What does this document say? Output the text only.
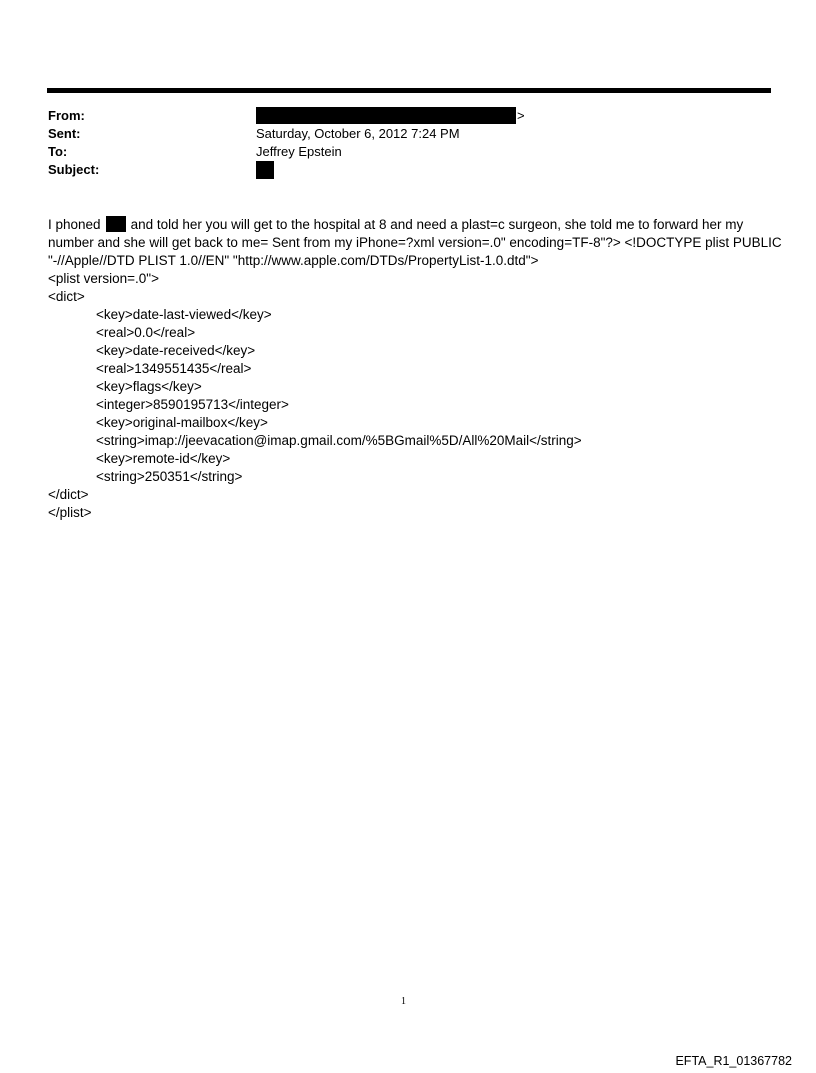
From:	>
Sent:	Saturday, October 6, 2012 7:24 PM
To:	Jeffrey Epstein
Subject:
I phoned and told her you will get to the hospital at 8 and need a plast=c surgeon, she told me to forward her my
number and she will get back to me= Sent from my iPhone=?xml version=.0" encoding=TF-8"?> <!DOCTYPE plist PUBLIC
"-//Apple//DTD PLIST 1.0//EN" "http://www.apple.com/DTDs/PropertyList-1.0.dtd">
<plist version=.0">
<dict>
<key>date-last-viewed</key>
<real>0.0</real>
<key>date-received</key>
<real>1349551435</real>
<key>flags</key>
<integer>8590195713</integer>
<key>original-mailbox</key>
<string>imap://jeevacation@imap.gmail.com/%5BGmail%5D/All%20Mail</string>
<key>remote-id</key>
<string>250351</string>
</dict>
</plist>
1
EFTA_R1_01367782
